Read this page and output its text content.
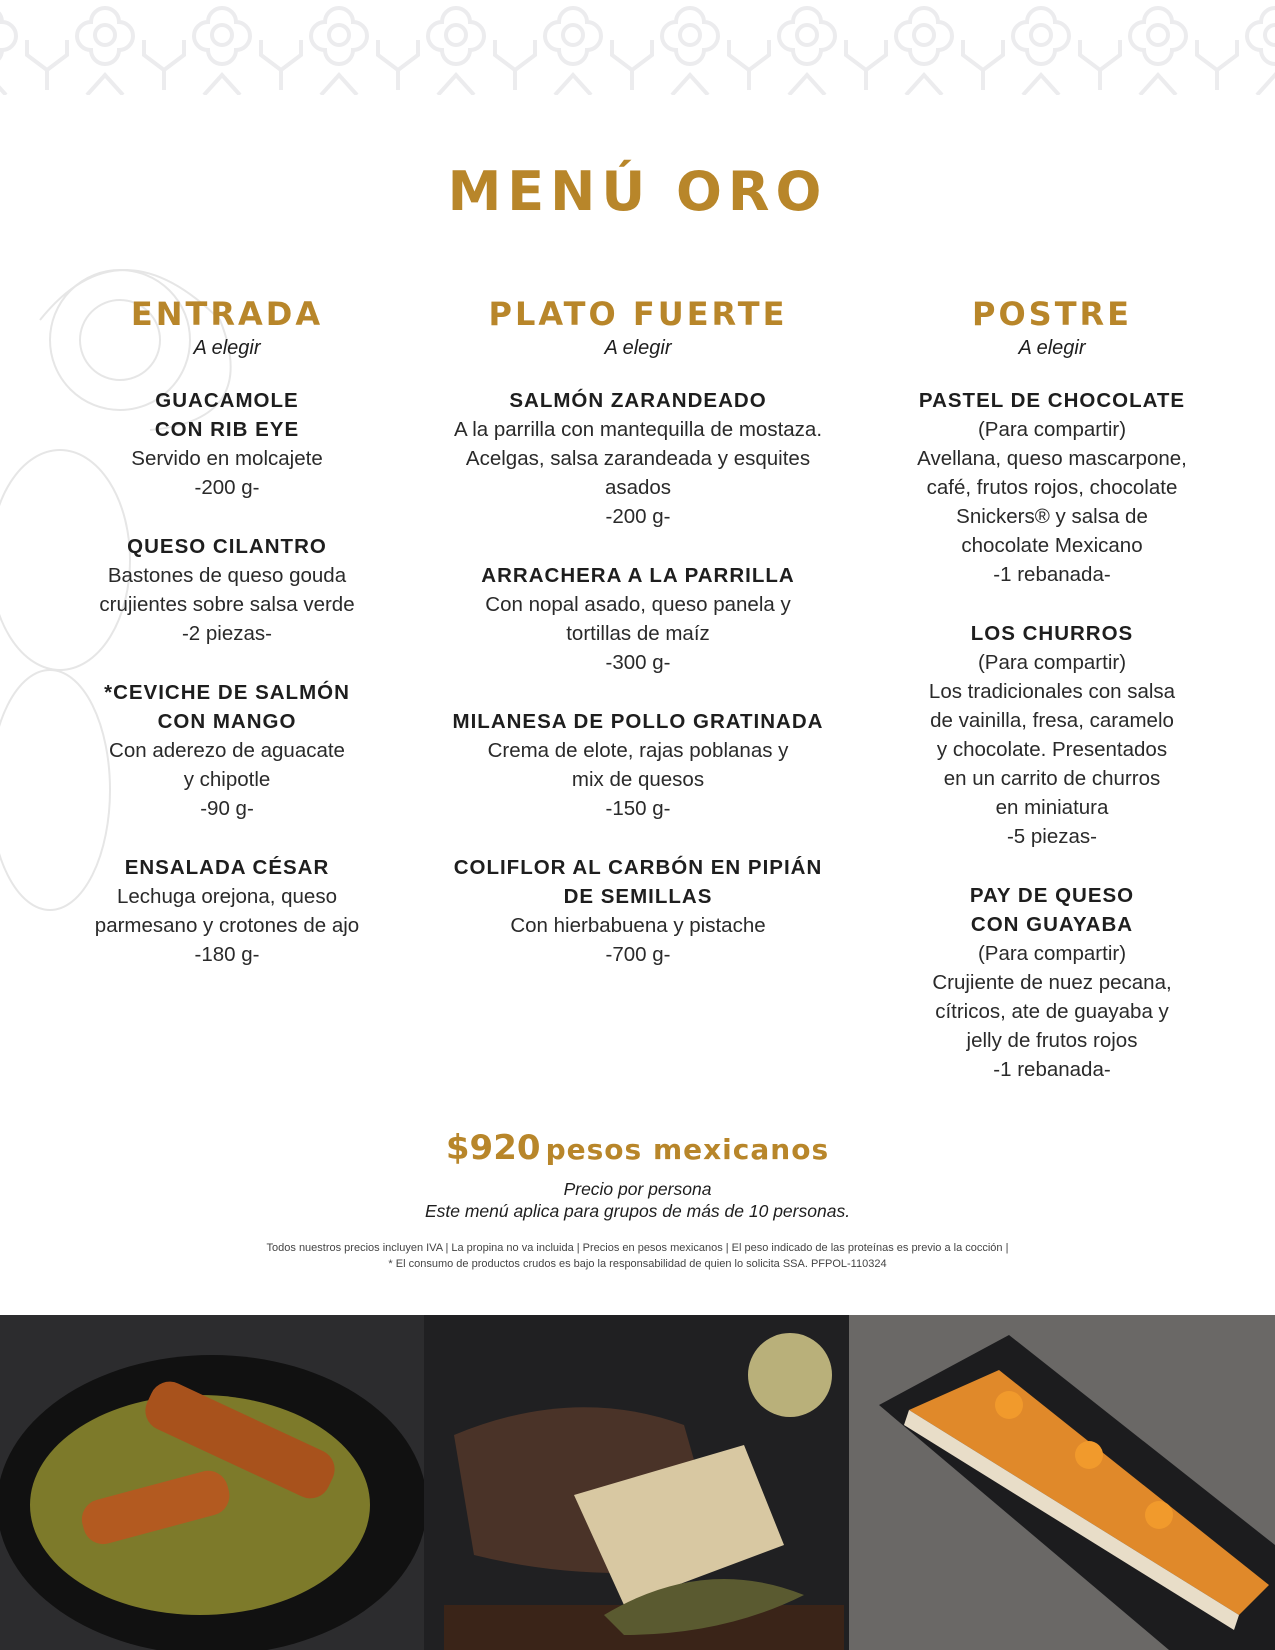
MENÚ ORO
ENTRADA
A elegir
GUACAMOLE
CON RIB EYE
Servido en molcajete
-200 g-
QUESO CILANTRO
Bastones de queso gouda
crujientes sobre salsa verde
-2 piezas-
*CEVICHE DE SALMÓN
CON MANGO
Con aderezo de aguacate
y chipotle
-90 g-
ENSALADA CÉSAR
Lechuga orejona, queso
parmesano y crotones de ajo
-180 g-
PLATO FUERTE
A elegir
SALMÓN ZARANDEADO
A la parrilla con mantequilla de mostaza.
Acelgas, salsa zarandeada y esquites asados
-200 g-
ARRACHERA A LA PARRILLA
Con nopal asado, queso panela y
tortillas de maíz
-300 g-
MILANESA DE POLLO GRATINADA
Crema de elote, rajas poblanas y
mix de quesos
-150 g-
COLIFLOR AL CARBÓN EN PIPIÁN
DE SEMILLAS
Con hierbabuena y pistache
-700 g-
POSTRE
A elegir
PASTEL DE CHOCOLATE
(Para compartir)
Avellana, queso mascarpone,
café, frutos rojos, chocolate
Snickers® y salsa de
chocolate Mexicano
-1 rebanada-
LOS CHURROS
(Para compartir)
Los tradicionales con salsa
de vainilla, fresa, caramelo
y chocolate. Presentados
en un carrito de churros
en miniatura
-5 piezas-
PAY DE QUESO
CON GUAYABA
(Para compartir)
Crujiente de nuez pecana,
cítricos, ate de guayaba y
jelly de frutos rojos
-1 rebanada-
$920 pesos mexicanos
Precio por persona
Este menú aplica para grupos de más de 10 personas.
Todos nuestros precios incluyen IVA | La propina no va incluida | Precios en pesos mexicanos | El peso indicado de las proteínas es previo a la cocción |
* El consumo de productos crudos es bajo la responsabilidad de quien lo solicita SSA. PFPOL-110324
